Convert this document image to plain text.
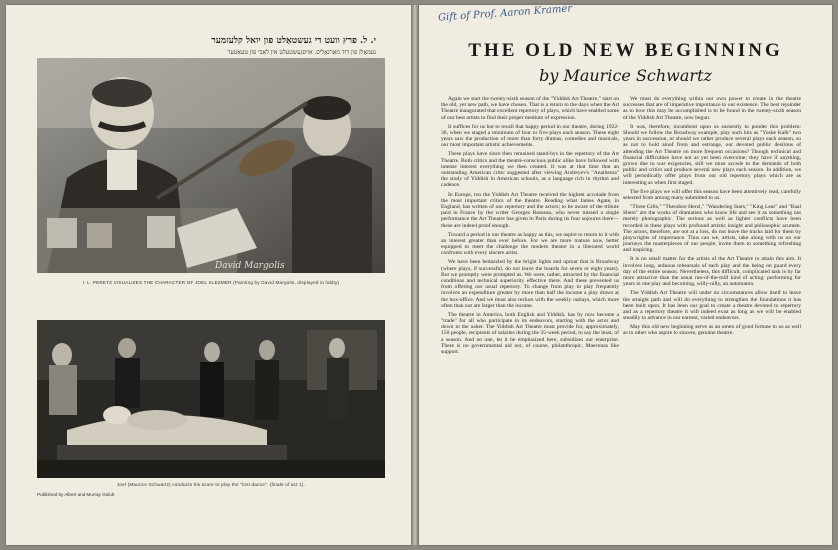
י. ל. פרץ וועט די געשטאַלט פון יואל קלעזמער
געמאָלן פון דוד מאַרגאָליס. אויסגעשטעלט אין לאַבי פון טעאַטער
David Margolis
I. L. PERETZ VISUALIZES THE CHARACTER OF JOEL KLEZMER (Painting by David Margolis, displayed in lobby)
Joel (Maurice Schwartz) conducts his score to play the "lost dance". (finale of act 1).
Published by Albert and Murray Golub
Gift of Prof. Aaron Kramer
THE OLD NEW BEGINNING
by Maurice Schwartz

Again we start the twenty-sixth season of the "Yiddish Art Theatre," start on the old, yet new path, we have chosen. That is a return to the days when the Art Theatre inaugurated that excellent repertory of plays, which have enabled some of our best artists to find their proper medium of expression.

It suffices for us but to recall that happy period in our theatre, during 1922-30, when we staged a minimum of four or five plays each season. These eight years saw the production of more than forty dramas, comedies and musicals, our most important artistic achievements.

These plays have since then remained stand-bys in the repertory of the Art Theatre. Both critics and the theatre-conscious public alike have followed with intense interest everything we then created. It was at that time that an outstanding American critic suggested after viewing Andreyev's "Anathema" the study of Yiddish in American schools, as a language rich in rhythm and cadence.

In Europe, too the Yiddish Art Theatre received the highest accolade from the most important critics of the theatre. Reading what James Agate, in England, has written of our repertory and the actors; to be aware of the tribute paid in France by the writer Georges Rosseau, who never missed a single performance the Art Theatre has given in Paris during its four sojourns there—these are indeed proof enough.

Toward a period in our theatre as happy as this, we aspire to return to it with an interest greater than ever before. For we are more mature now, better equipped to meet the challenge the modern theatre in a liberated world confronts with every sincere artist.

We have been bedazzled by the bright lights and uproar that is Broadway (where plays, if successful, do not leave the boards for seven or eight years). But we promptly were prompted us. We were, rather, attracted by the financial conditions and technical superiority effective there. And these prevented us from offering our usual repertory. To change from play to play frequently involves an expenditure greater by more than half the income a play draws at the box-office. And we must also reckon with the weekly outlays, which more often than not are larger than the income.

The theatre in America, both English and Yiddish, has by now become a "trade" for all who participate in its endeavors, starting with the actor and down to the usher. The Yiddish Art Theatre must provide for, approximately, 150 people, recipients of salaries during the 35-week period, to say the least, of a season. And no one, let it be emphasized here, subsidizes our enterprise. There is no governmental aid nor, of course, philanthropic, Maecenas like support.

We must do everything within our own power to create in the theatre successes that are of imperative importance to our existence. The best rejoinder as to how this may be accomplished is to be found in the twenty-sixth season of the Yiddish Art Theatre, now begun.

It was, therefore, incumbent upon us earnestly to ponder this problem: Should we follow the Broadway example, play such hits as "Yoshe Kalb" two years in succession, or should we rather produce several plays each season, so as not to hold aloof from and estrange, our devoted public desirous of attending the Art Theatre on more frequent occasions? Though technical and financial difficulties have not as yet been overcome; they have if anything, grown due to war exigencies, still we must accede to the demands of both public and critics and produce several new plays each season. In addition, we will periodically offer plays from our old repertory plays which are as interesting as when first staged.

The five plays we will offer this season have been attentively read, carefully selected from among many submitted to us.

"Three Gifts," "Theodore Herzl," "Wandering Stars," "King Lear" and "Baal Shem" are the works of dramatists who know life and see it as something not merely photographic. The serious as well as lighter conflicts have been recorded in these plays with profound artistic insight and philosophic acumen. The actors, therefore, are not at a loss, do not leave the tracks laid for them by playwrights of importance. Thus can we, artists, take along with us on our journeys the masterpieces of our people, invite them to something refreshing and inspiring.

It is no small matter for the artists of the Art Theatre to attain this aim. It involves long, arduous rehearsals of each play and the being on guard every day of the entire season. Nevertheless, this difficult, complicated task is by far more attractive than the usual run-of-the-mill kind of acting: performing for years in one play and becoming, willy-nilly, an automaton.

The Yiddish Art Theatre will under no circumstances allow itself to leave the straight path and will do everything to strengthen the foundations it has been built upon. It has been our goal to create a theatre devoted to repertory and as a repertory theatre it will indeed exist as long as we will be enabled steadily to advance in our earnest, varied endeavors.

May this old new beginning serve as an omen of good fortune to us as well as to other who aspire to sincere, genuine theatre.
